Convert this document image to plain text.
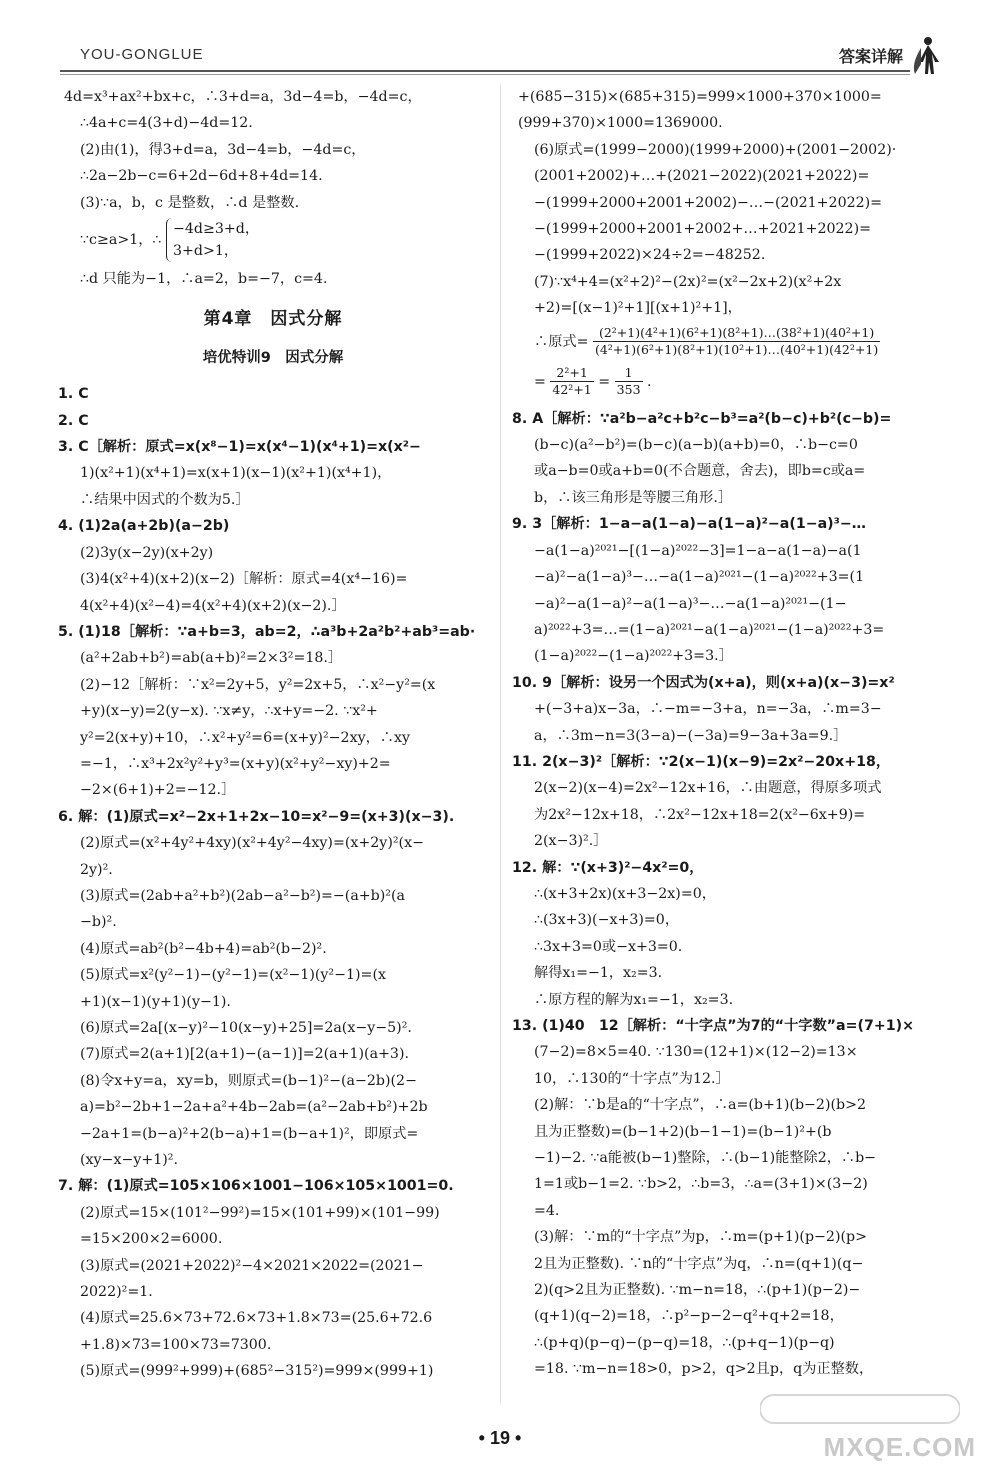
YOU-GONGLUE	答案详解
4d=x³+ax²+bx+c，∴3+d=a，3d−4=b，−4d=c，
∴4a+c=4(3+d)−4d=12.
(2)由(1)，得3+d=a，3d−4=b，−4d=c，
∴2a−2b−c=6+2d−6d+8+4d=14.
(3)∵a，b，c 是整数，∴d 是整数.
∵c≥a>1，∴
−4d≥3+d，
3+d>1，
∴d 只能为−1，∴a=2，b=−7，c=4.
第4章　因式分解
培优特训9　因式分解
1. C
2. C
3. C［解析：原式=x(x⁸−1)=x(x⁴−1)(x⁴+1)=x(x²−
1)(x²+1)(x⁴+1)=x(x+1)(x−1)(x²+1)(x⁴+1)，
∴结果中因式的个数为5.］
4. (1)2a(a+2b)(a−2b)
(2)3y(x−2y)(x+2y)
(3)4(x²+4)(x+2)(x−2)［解析：原式=4(x⁴−16)=
4(x²+4)(x²−4)=4(x²+4)(x+2)(x−2).］
5. (1)18［解析：∵a+b=3，ab=2，∴a³b+2a²b²+ab³=ab·
(a²+2ab+b²)=ab(a+b)²=2×3²=18.］
(2)−12［解析：∵x²=2y+5，y²=2x+5，∴x²−y²=(x
+y)(x−y)=2(y−x). ∵x≠y，∴x+y=−2. ∵x²+
y²=2(x+y)+10，∴x²+y²=6=(x+y)²−2xy，∴xy
=−1，∴x³+2x²y²+y³=(x+y)(x²+y²−xy)+2=
−2×(6+1)+2=−12.］
6. 解：(1)原式=x²−2x+1+2x−10=x²−9=(x+3)(x−3).
(2)原式=(x²+4y²+4xy)(x²+4y²−4xy)=(x+2y)²(x−
2y)².
(3)原式=(2ab+a²+b²)(2ab−a²−b²)=−(a+b)²(a
−b)².
(4)原式=ab²(b²−4b+4)=ab²(b−2)².
(5)原式=x²(y²−1)−(y²−1)=(x²−1)(y²−1)=(x
+1)(x−1)(y+1)(y−1).
(6)原式=2a[(x−y)²−10(x−y)+25]=2a(x−y−5)².
(7)原式=2(a+1)[2(a+1)−(a−1)]=2(a+1)(a+3).
(8)令x+y=a，xy=b，则原式=(b−1)²−(a−2b)(2−
a)=b²−2b+1−2a+a²+4b−2ab=(a²−2ab+b²)+2b
−2a+1=(b−a)²+2(b−a)+1=(b−a+1)²，即原式=
(xy−x−y+1)².
7. 解：(1)原式=105×106×1001−106×105×1001=0.
(2)原式=15×(101²−99²)=15×(101+99)×(101−99)
=15×200×2=6000.
(3)原式=(2021+2022)²−4×2021×2022=(2021−
2022)²=1.
(4)原式=25.6×73+72.6×73+1.8×73=(25.6+72.6
+1.8)×73=100×73=7300.
(5)原式=(999²+999)+(685²−315²)=999×(999+1)
+(685−315)×(685+315)=999×1000+370×1000=
(999+370)×1000=1369000.
(6)原式=(1999−2000)(1999+2000)+(2001−2002)·
(2001+2002)+…+(2021−2022)(2021+2022)=
−(1999+2000+2001+2002)−…−(2021+2022)=
−(1999+2000+2001+2002+…+2021+2022)=
−(1999+2022)×24÷2=−48252.
(7)∵x⁴+4=(x²+2)²−(2x)²=(x²−2x+2)(x²+2x
+2)=[(x−1)²+1][(x+1)²+1]，
∴原式= $\frac{\text{(2²+1)(4²+1)(6²+1)(8²+1)…(38²+1)(40²+1)}}{\text{(4²+1)(6²+1)(8²+1)(10²+1)…(40²+1)(42²+1)}}$
= $\frac{\text{2²+1}}{\text{42²+1}} = \frac{1}{353}$ .
8. A［解析：∵a²b−a²c+b²c−b³=a²(b−c)+b²(c−b)=
(b−c)(a²−b²)=(b−c)(a−b)(a+b)=0，∴b−c=0
或a−b=0或a+b=0(不合题意，舍去)，即b=c或a=
b，∴该三角形是等腰三角形.］
9. 3［解析：1−a−a(1−a)−a(1−a)²−a(1−a)³−…
−a(1−a)²⁰²¹−[(1−a)²⁰²²−3]=1−a−a(1−a)−a(1
−a)²−a(1−a)³−…−a(1−a)²⁰²¹−(1−a)²⁰²²+3=(1
−a)²−a(1−a)²−a(1−a)³−…−a(1−a)²⁰²¹−(1−
a)²⁰²²+3=…=(1−a)²⁰²¹−a(1−a)²⁰²¹−(1−a)²⁰²²+3=
(1−a)²⁰²²−(1−a)²⁰²²+3=3.］
10. 9［解析：设另一个因式为(x+a)，则(x+a)(x−3)=x²
+(−3+a)x−3a，∴−m=−3+a，n=−3a，∴m=3−
a，∴3m−n=3(3−a)−(−3a)=9−3a+3a=9.］
11. 2(x−3)²［解析：∵2(x−1)(x−9)=2x²−20x+18，
2(x−2)(x−4)=2x²−12x+16，∴由题意，得原多项式
为2x²−12x+18，∴2x²−12x+18=2(x²−6x+9)=
2(x−3)².］
12. 解：∵(x+3)²−4x²=0，
∴(x+3+2x)(x+3−2x)=0，
∴(3x+3)(−x+3)=0，
∴3x+3=0或−x+3=0.
解得x₁=−1，x₂=3.
∴原方程的解为x₁=−1，x₂=3.
13. (1)40　12［解析：“十字点”为7的“十字数”a=(7+1)×
(7−2)=8×5=40. ∵130=(12+1)×(12−2)=13×
10，∴130的“十字点”为12.］
(2)解：∵b是a的“十字点”，∴a=(b+1)(b−2)(b>2
且为正整数)=(b−1+2)(b−1−1)=(b−1)²+(b
−1)−2. ∵a能被(b−1)整除，∴(b−1)能整除2，∴b−
1=1或b−1=2. ∵b>2，∴b=3，∴a=(3+1)×(3−2)
=4.
(3)解：∵m的“十字点”为p，∴m=(p+1)(p−2)(p>
2且为正整数). ∵n的“十字点”为q，∴n=(q+1)(q−
2)(q>2且为正整数). ∵m−n=18，∴(p+1)(p−2)−
(q+1)(q−2)=18，∴p²−p−2−q²+q+2=18，
∴(p+q)(p−q)−(p−q)=18，∴(p+q−1)(p−q)
=18. ∵m−n=18>0，p>2，q>2且p，q为正整数，
• 19 •	MXQE.COM
